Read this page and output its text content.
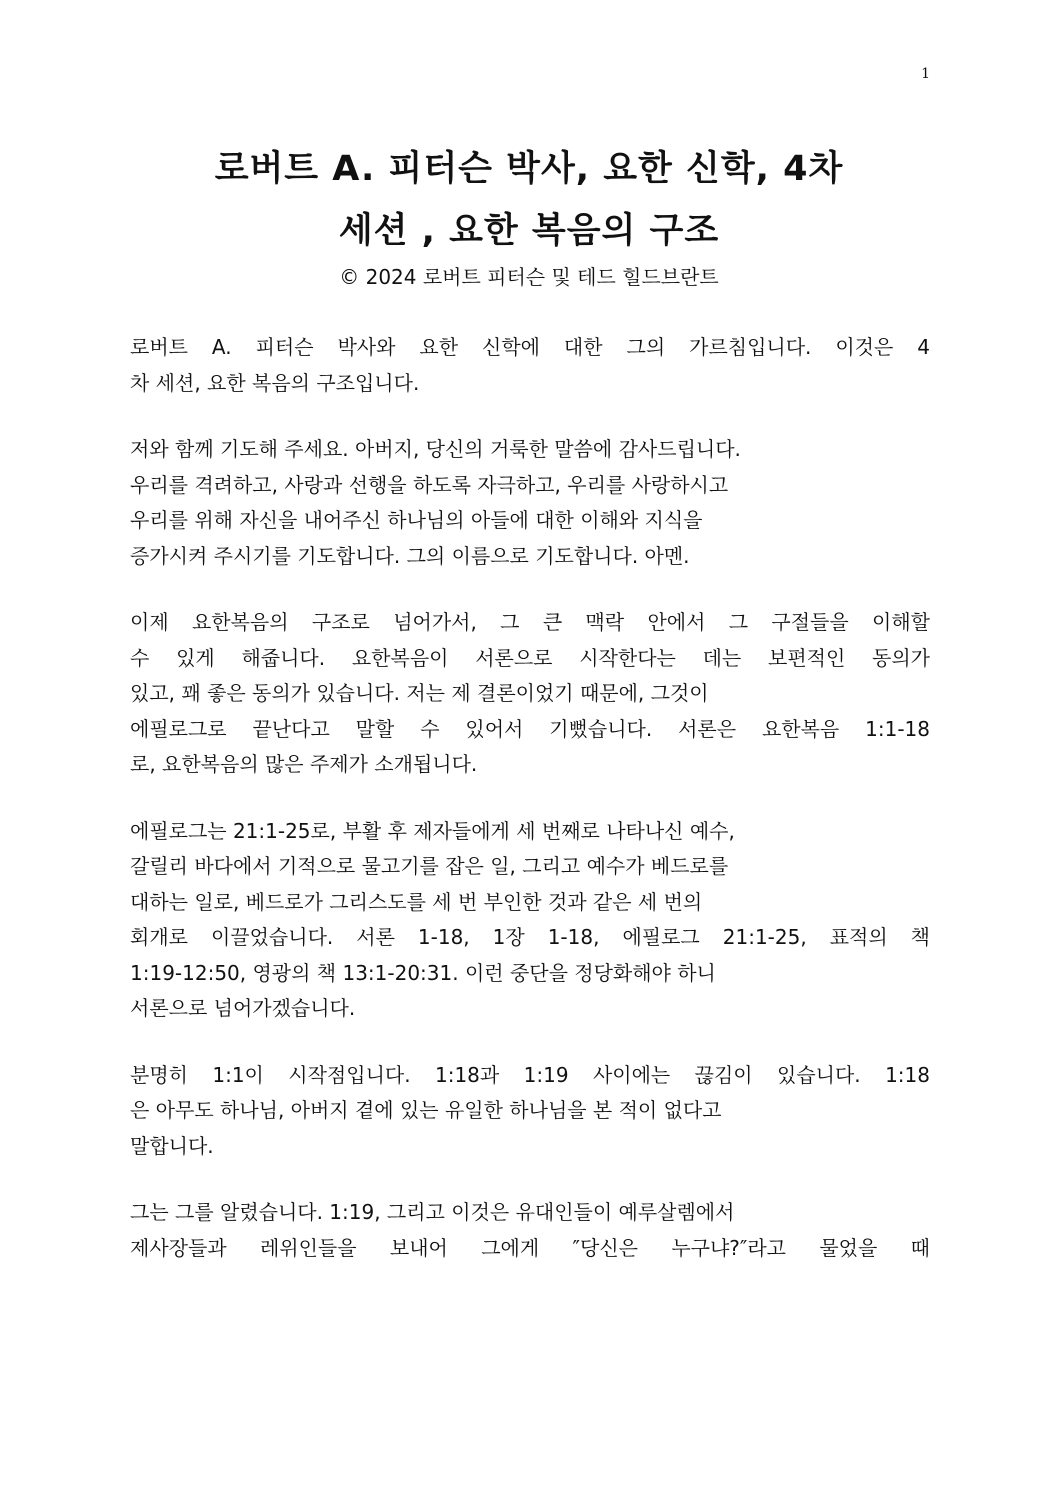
1
로버트 A. 피터슨 박사, 요한 신학, 4차
세션 , 요한 복음의 구조
© 2024 로버트 피터슨 및 테드 힐드브란트

로버트 A. 피터슨 박사와 요한 신학에 대한 그의 가르침입니다. 이것은 4
차 세션, 요한 복음의 구조입니다.

저와 함께 기도해 주세요. 아버지, 당신의 거룩한 말씀에 감사드립니다.
우리를 격려하고, 사랑과 선행을 하도록 자극하고, 우리를 사랑하시고
우리를 위해 자신을 내어주신 하나님의 아들에 대한 이해와 지식을
증가시켜 주시기를 기도합니다. 그의 이름으로 기도합니다. 아멘.

이제 요한복음의 구조로 넘어가서, 그 큰 맥락 안에서 그 구절들을 이해할
수 있게 해줍니다. 요한복음이 서론으로 시작한다는 데는 보편적인 동의가
있고, 꽤 좋은 동의가 있습니다. 저는 제 결론이었기 때문에, 그것이
에필로그로 끝난다고 말할 수 있어서 기뻤습니다. 서론은 요한복음 1:1-18
로, 요한복음의 많은 주제가 소개됩니다.

에필로그는 21:1-25로, 부활 후 제자들에게 세 번째로 나타나신 예수,
갈릴리 바다에서 기적으로 물고기를 잡은 일, 그리고 예수가 베드로를
대하는 일로, 베드로가 그리스도를 세 번 부인한 것과 같은 세 번의
회개로 이끌었습니다. 서론 1-18, 1장 1-18, 에필로그 21:1-25, 표적의 책
1:19-12:50, 영광의 책 13:1-20:31. 이런 중단을 정당화해야 하니
서론으로 넘어가겠습니다.

분명히 1:1이 시작점입니다. 1:18과 1:19 사이에는 끊김이 있습니다. 1:18
은 아무도 하나님, 아버지 곁에 있는 유일한 하나님을 본 적이 없다고
말합니다.

그는 그를 알렸습니다. 1:19, 그리고 이것은 유대인들이 예루살렘에서
제사장들과 레위인들을 보내어 그에게 ″당신은 누구냐?″라고 물었을 때
